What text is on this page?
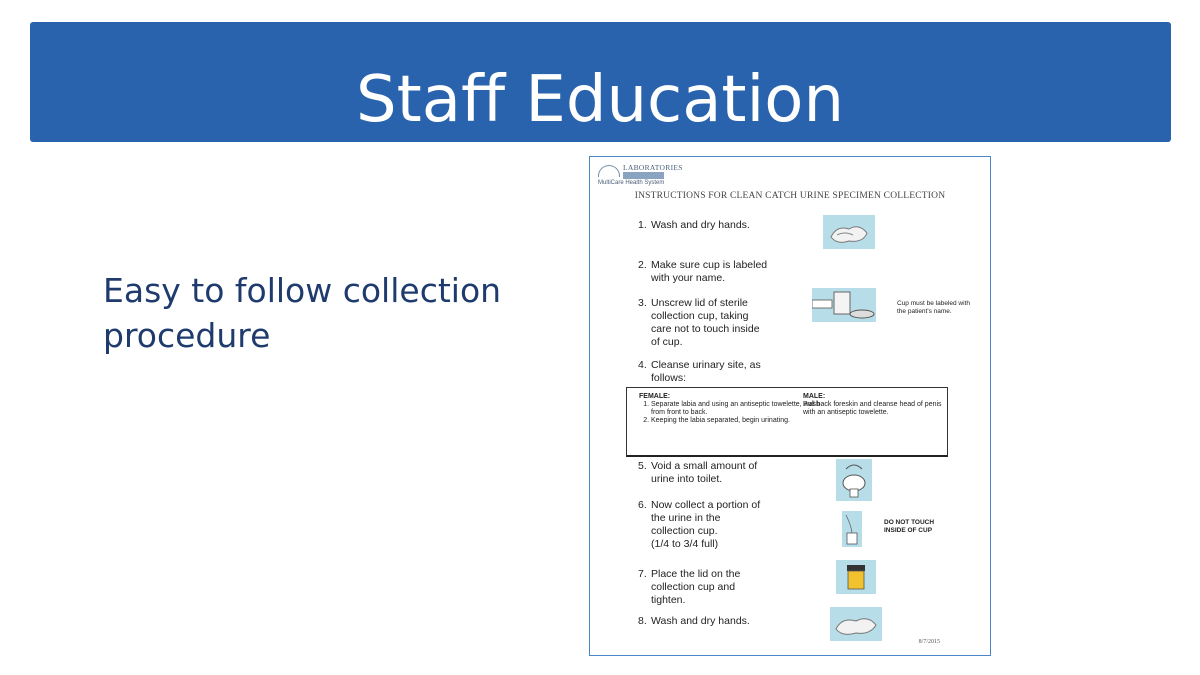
Staff Education
Easy to follow collection procedure
LABORATORIES

MultiCare Health System
INSTRUCTIONS FOR CLEAN CATCH URINE SPECIMEN COLLECTION
1. Wash and dry hands.
2. Make sure cup is labeled
with your name.
3. Unscrew lid of sterile
collection cup, taking
care not to touch inside
of cup.
Cup must be labeled with the patient's name.
4. Cleanse urinary site, as
follows:
FEMALE:
1. Separate labia and using an antiseptic towelette, wash from front to back.
2. Keeping the labia separated, begin urinating.
MALE:
Pull back foreskin and cleanse head of penis with an antiseptic towelette.
5. Void a small amount of
urine into toilet.
6. Now collect a portion of
the urine in the
collection cup.
(1/4 to 3/4 full)
DO NOT TOUCH INSIDE OF CUP
7. Place the lid on the
collection cup and
tighten.
8. Wash and dry hands.
8/7/2015
